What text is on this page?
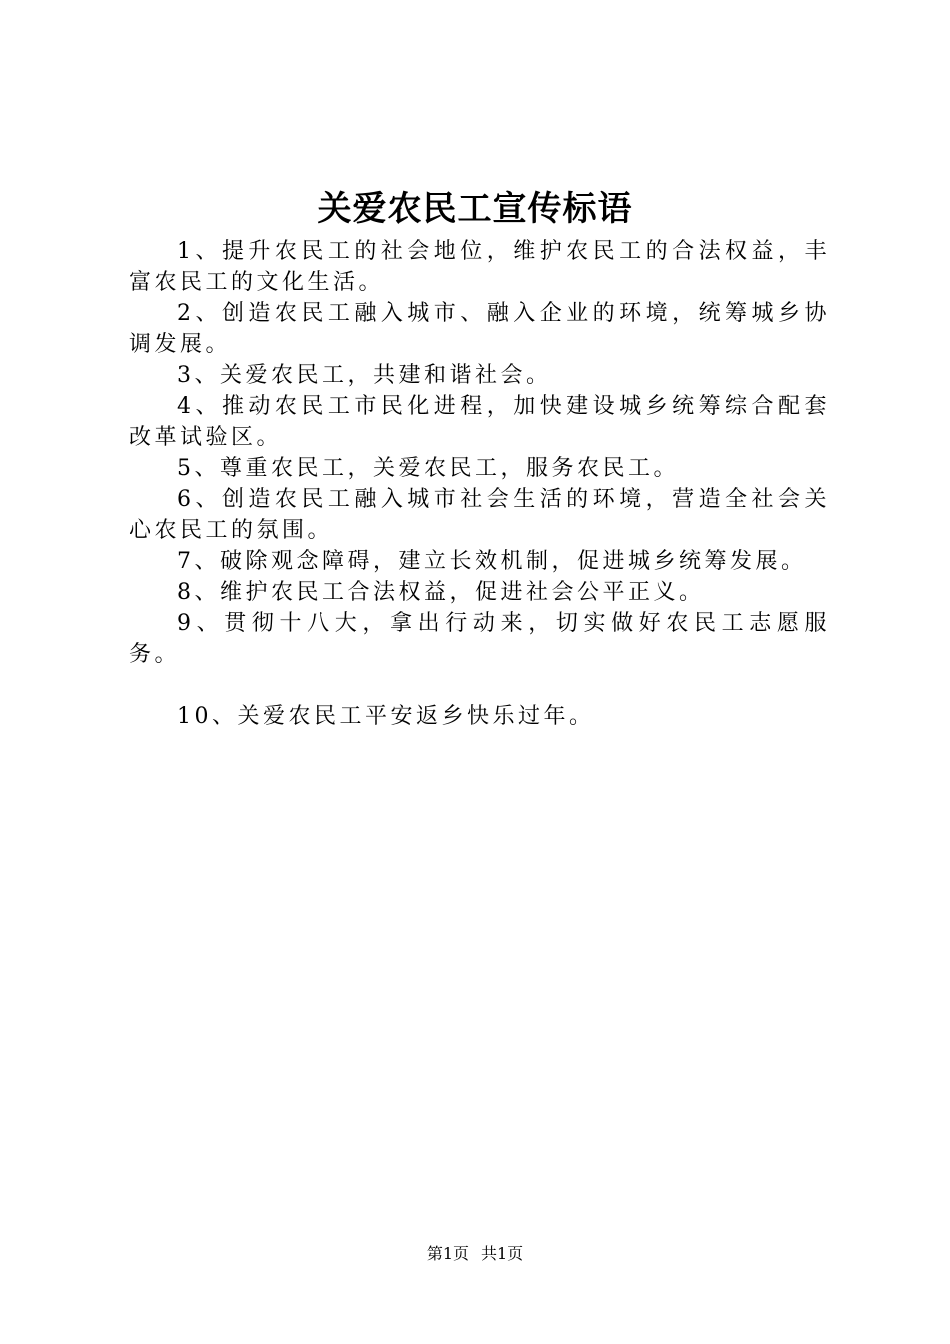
关爱农民工宣传标语

1、提升农民工的社会地位，维护农民工的合法权益，丰富农民工的文化生活。

2、创造农民工融入城市、融入企业的环境，统筹城乡协调发展。

3、关爱农民工，共建和谐社会。

4、推动农民工市民化进程，加快建设城乡统筹综合配套改革试验区。

5、尊重农民工，关爱农民工，服务农民工。

6、创造农民工融入城市社会生活的环境，营造全社会关心农民工的氛围。

7、破除观念障碍，建立长效机制，促进城乡统筹发展。

8、维护农民工合法权益，促进社会公平正义。

9、贯彻十八大，拿出行动来，切实做好农民工志愿服务。

10、关爱农民工平安返乡快乐过年。

第1页 共1页
